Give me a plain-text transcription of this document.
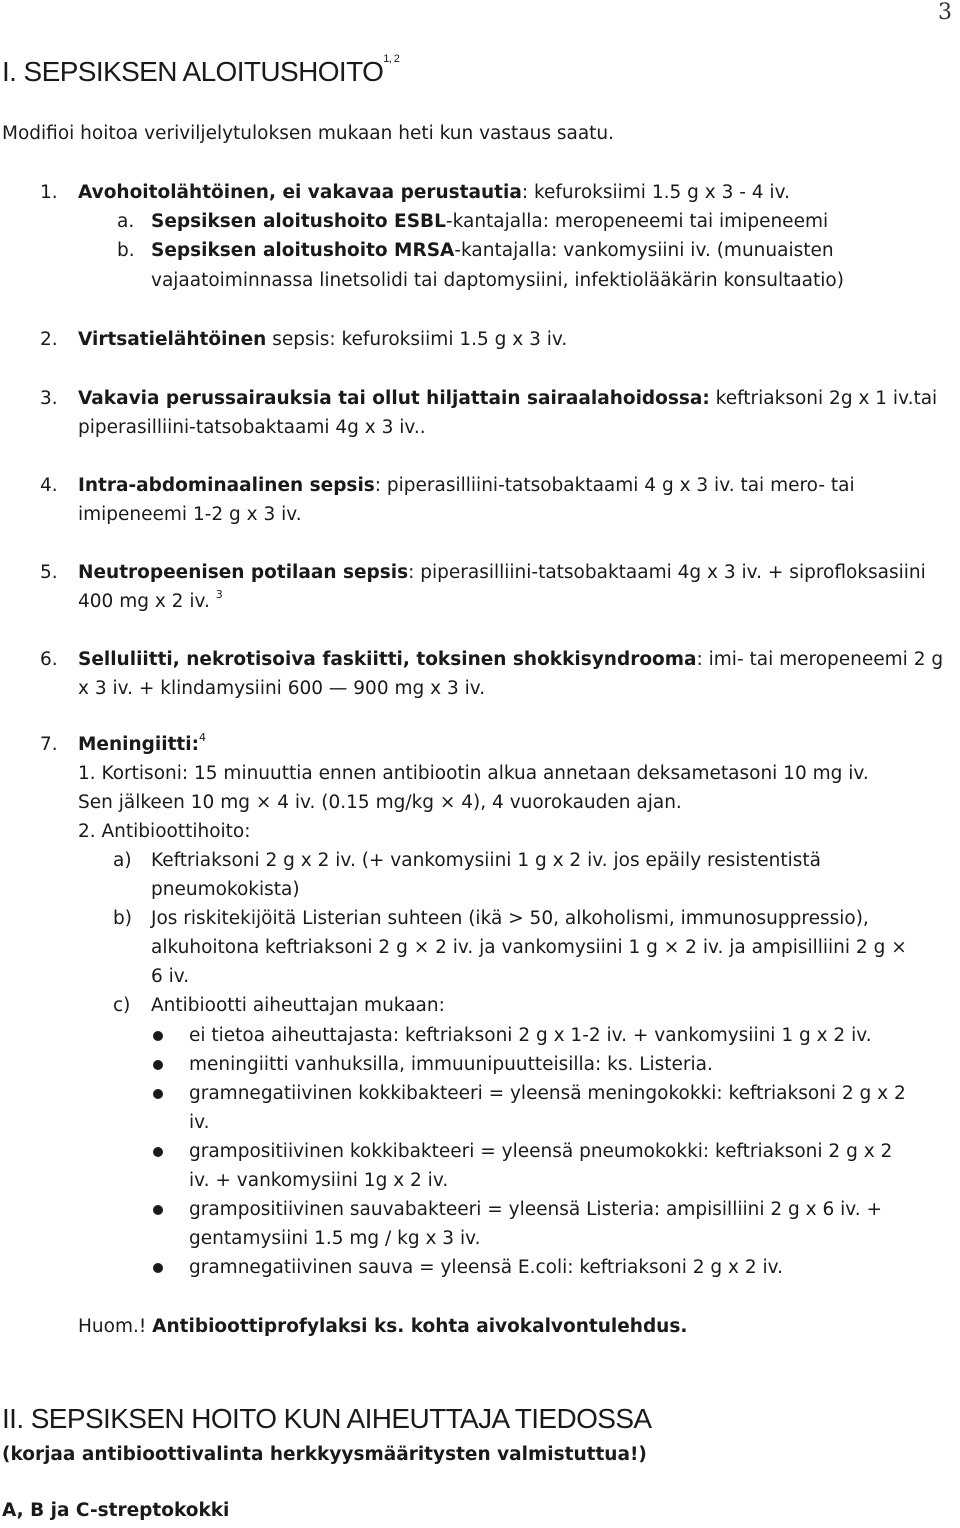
3
I. SEPSIKSEN ALOITUSHOITO$^{1, 2}$
Modifioi hoitoa veriviljelytuloksen mukaan heti kun vastaus saatu.
1. Avohoitolähtöinen, ei vakavaa perustautia: kefuroksiimi 1.5 g x 3 - 4 iv.
a. Sepsiksen aloitushoito ESBL-kantajalla: meropeneemi tai imipeneemi
b. Sepsiksen aloitushoito MRSA-kantajalla: vankomysiini iv. (munuaisten
vajaatoiminnassa linetsolidi tai daptomysiini, infektiolääkärin konsultaatio)
2. Virtsatielähtöinen sepsis: kefuroksiimi 1.5 g x 3 iv.
3. Vakavia perussairauksia tai ollut hiljattain sairaalahoidossa: keftriaksoni 2g x 1 iv.tai
piperasilliini-tatsobaktaami 4g x 3 iv..
4. Intra-abdominaalinen sepsis: piperasilliini-tatsobaktaami 4 g x 3 iv. tai mero- tai
imipeneemi 1-2 g x 3 iv.
5. Neutropeenisen potilaan sepsis: piperasilliini-tatsobaktaami 4g x 3 iv. + siprofloksasiini
400 mg x 2 iv. $^3$
6. Selluliitti, nekrotisoiva faskiitti, toksinen shokkisyndrooma: imi- tai meropeneemi 2 g
x 3 iv. + klindamysiini 600 — 900 mg x 3 iv.
7. Meningiitti:$^4$
1. Kortisoni: 15 minuuttia ennen antibiootin alkua annetaan deksametasoni 10 mg iv.
Sen jälkeen 10 mg × 4 iv. (0.15 mg/kg × 4), 4 vuorokauden ajan.
2. Antibioottihoito:
a) Keftriaksoni 2 g x 2 iv. (+ vankomysiini 1 g x 2 iv. jos epäily resistentistä
pneumokokista)
b) Jos riskitekijöitä Listerian suhteen (ikä > 50, alkoholismi, immunosuppressio),
alkuhoitona keftriaksoni 2 g × 2 iv. ja vankomysiini 1 g × 2 iv. ja ampisilliini 2 g ×
6 iv.
c) Antibiootti aiheuttajan mukaan:
ei tietoa aiheuttajasta: keftriaksoni 2 g x 1-2 iv. + vankomysiini 1 g x 2 iv.
meningiitti vanhuksilla, immuunipuutteisilla: ks. Listeria.
gramnegatiivinen kokkibakteeri = yleensä meningokokki: keftriaksoni 2 g x 2
iv.
grampositiivinen kokkibakteeri = yleensä pneumokokki: keftriaksoni 2 g x 2
iv. + vankomysiini 1g x 2 iv.
grampositiivinen sauvabakteeri = yleensä Listeria: ampisilliini 2 g x 6 iv. +
gentamysiini 1.5 mg / kg x 3 iv.
gramnegatiivinen sauva = yleensä E.coli: keftriaksoni 2 g x 2 iv.
Huom.! Antibioottiprofylaksi ks. kohta aivokalvontulehdus.
II. SEPSIKSEN HOITO KUN AIHEUTTAJA TIEDOSSA
(korjaa antibioottivalinta herkkyysmääritysten valmistuttua!)
A, B ja C-streptokokki
